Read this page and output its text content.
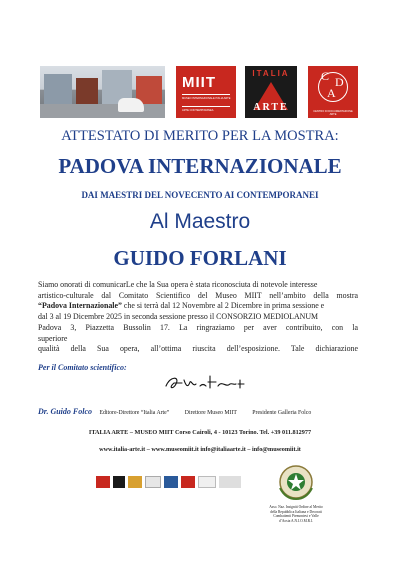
MIIT
MUSEO INTERNAZIONALE ITALIA ARTE
ARTE CONTEMPORANEA
ITALIA
ARTE
C D
A
CENTRO DI DOCUMENTAZIONE ARTE
ATTESTATO DI MERITO PER LA MOSTRA:
PADOVA INTERNAZIONALE
DAI MAESTRI DEL NOVECENTO AI CONTEMPORANEI
Al Maestro
GUIDO FORLANI
Siamo onorati di comunicarLe che la Sua opera è stata riconosciuta di notevole interesse
artistico-culturale dal Comitato Scientifico del Museo MIIT nell’ambito della mostra
“Padova Internazionale” che si terrà dal 12 Novembre al 2 Dicembre in prima sessione e
dal 3 al 19 Dicembre 2025 in seconda sessione presso il CONSORZIO MEDIOLANUM
Padova 3, Piazzetta Bussolin 17. La ringraziamo per aver contribuito, con la
superiore
qualità della Sua opera, all’ottima riuscita dell’esposizione. Tale dichiarazione
Per il Comitato scientifico:
Dr. Guido Folco Editore-Direttore “Italia Arte”	Direttore Museo MIIT	Presidente Galleria Folco
ITALIA ARTE – MUSEO MIIT Corso Cairoli, 4 - 10123 Torino. Tel. +39 011.812977
www.italia-arte.it – www.museomiit.it info@italiaarte.it – info@museomiit.it
Asso. Naz. Insigniti Ordine al Merito della Repubblica Italiana e Decorati Combattenti Piemontesi e Valle d’Aosta A.N.I.O.M.R.I.
